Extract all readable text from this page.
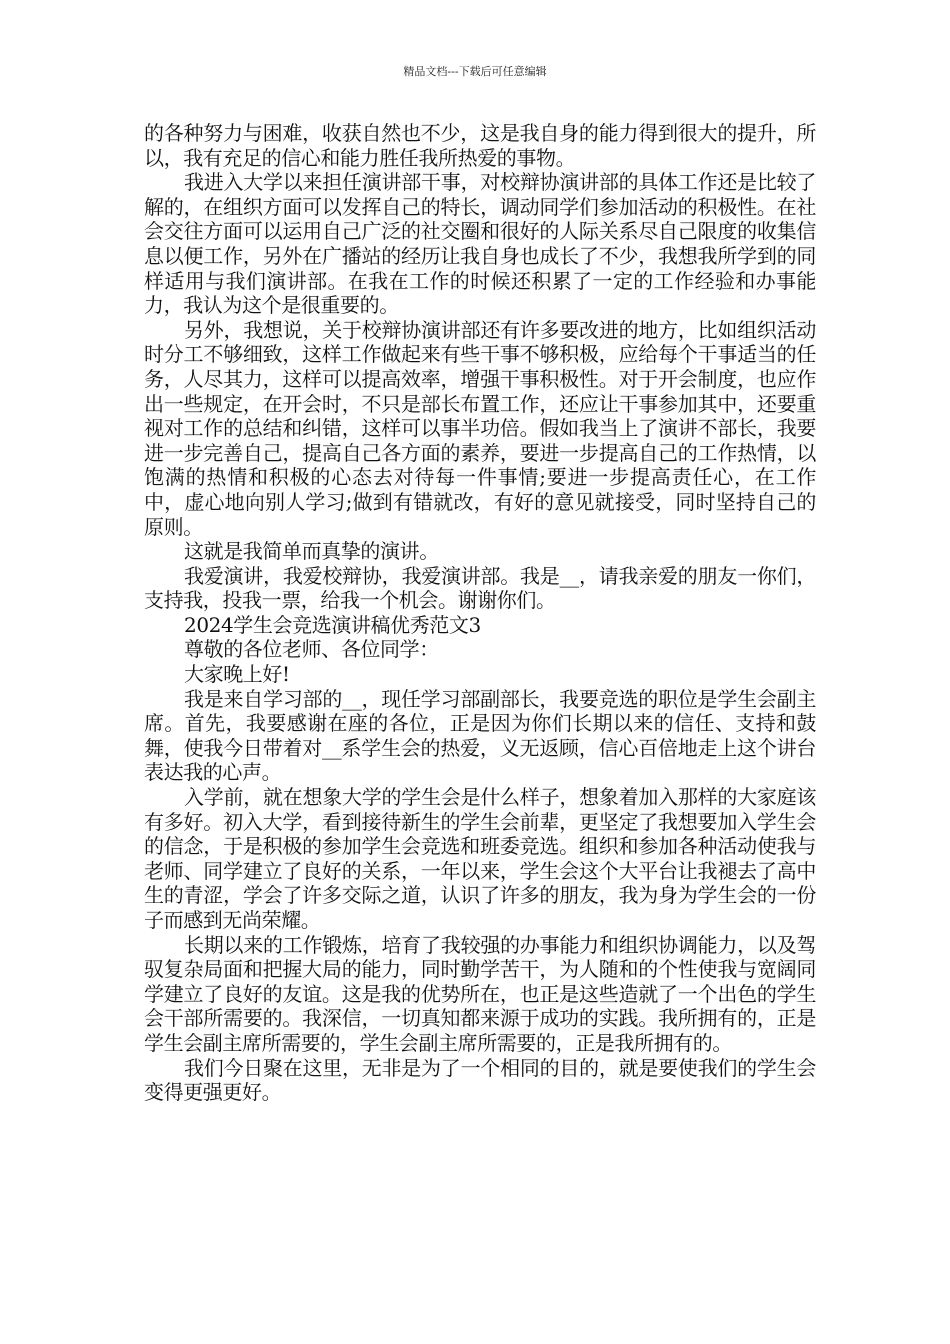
精品文档---下载后可任意编辑

的各种努力与困难，收获自然也不少，这是我自身的能力得到很大的提升，所以，我有充足的信心和能力胜任我所热爱的事物。

我进入大学以来担任演讲部干事，对校辩协演讲部的具体工作还是比较了解的，在组织方面可以发挥自己的特长，调动同学们参加活动的积极性。在社会交往方面可以运用自己广泛的社交圈和很好的人际关系尽自己限度的收集信息以便工作，另外在广播站的经历让我自身也成长了不少，我想我所学到的同样适用与我们演讲部。在我在工作的时候还积累了一定的工作经验和办事能力，我认为这个是很重要的。

另外，我想说，关于校辩协演讲部还有许多要改进的地方，比如组织活动时分工不够细致，这样工作做起来有些干事不够积极，应给每个干事适当的任务，人尽其力，这样可以提高效率，增强干事积极性。对于开会制度，也应作出一些规定，在开会时，不只是部长布置工作，还应让干事参加其中，还要重视对工作的总结和纠错，这样可以事半功倍。假如我当上了演讲不部长，我要进一步完善自己，提高自己各方面的素养，要进一步提高自己的工作热情，以饱满的热情和积极的心态去对待每一件事情;要进一步提高责任心，在工作中，虚心地向别人学习;做到有错就改，有好的意见就接受，同时坚持自己的原则。

这就是我简单而真挚的演讲。

我爱演讲，我爱校辩协，我爱演讲部。我是__，请我亲爱的朋友一你们，支持我，投我一票，给我一个机会。谢谢你们。

2024学生会竞选演讲稿优秀范文3

尊敬的各位老师、各位同学：

大家晚上好!

我是来自学习部的__，现任学习部副部长，我要竞选的职位是学生会副主席。首先，我要感谢在座的各位，正是因为你们长期以来的信任、支持和鼓舞，使我今日带着对__系学生会的热爱，义无返顾，信心百倍地走上这个讲台表达我的心声。

入学前，就在想象大学的学生会是什么样子，想象着加入那样的大家庭该有多好。初入大学，看到接待新生的学生会前辈，更坚定了我想要加入学生会的信念，于是积极的参加学生会竞选和班委竞选。组织和参加各种活动使我与老师、同学建立了良好的关系，一年以来，学生会这个大平台让我褪去了高中生的青涩，学会了许多交际之道，认识了许多的朋友，我为身为学生会的一份子而感到无尚荣耀。

长期以来的工作锻炼，培育了我较强的办事能力和组织协调能力，以及驾驭复杂局面和把握大局的能力，同时勤学苦干，为人随和的个性使我与宽阔同学建立了良好的友谊。这是我的优势所在，也正是这些造就了一个出色的学生会干部所需要的。我深信，一切真知都来源于成功的实践。我所拥有的，正是学生会副主席所需要的，学生会副主席所需要的，正是我所拥有的。

我们今日聚在这里，无非是为了一个相同的目的，就是要使我们的学生会变得更强更好。
